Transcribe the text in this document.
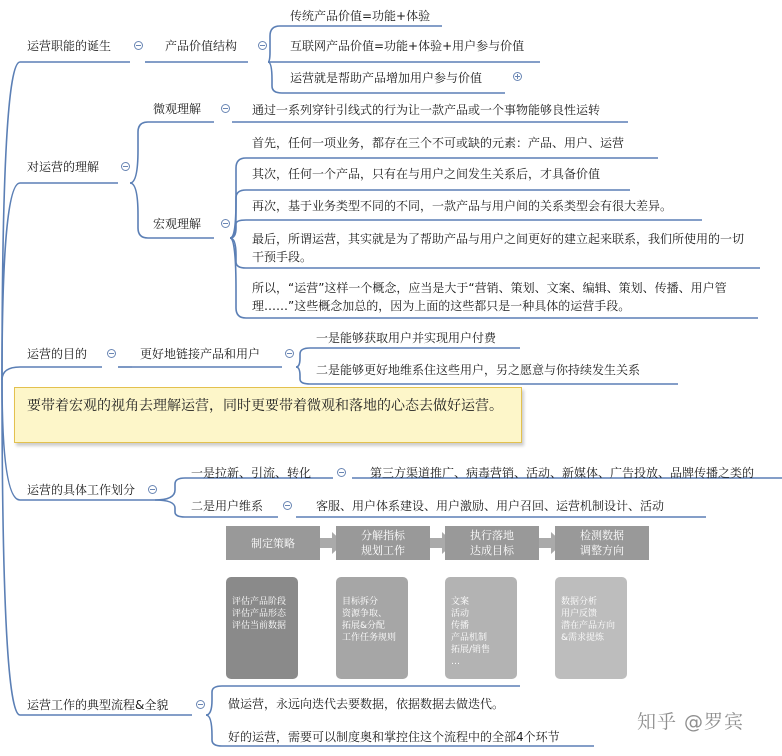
运营职能的诞生	产品价值结构
传统产品价值=功能+体验
互联网产品价值=功能+体验+用户参与价值
运营就是帮助产品增加用户参与价值
对运营的理解
微观理解	通过一系列穿针引线式的行为让一款产品或一个事物能够良性运转
宏观理解
首先，任何一项业务，都存在三个不可或缺的元素：产品、用户、运营
其次，任何一个产品，只有在与用户之间发生关系后，才具备价值
再次，基于业务类型不同的不同，一款产品与用户间的关系类型会有很大差异。
最后，所谓运营，其实就是为了帮助产品与用户之间更好的建立起来联系，我们所使用的一切干预手段。
所以，“运营”这样一个概念，应当是大于“营销、策划、文案、编辑、策划、传播、用户管理……”这些概念加总的，因为上面的这些都只是一种具体的运营手段。
运营的目的	更好地链接产品和用户
一是能够获取用户并实现用户付费
二是能够更好地维系住这些用户，另之愿意与你持续发生关系
要带着宏观的视角去理解运营，同时更要带着微观和落地的心态去做好运营。
运营的具体工作划分
一是拉新、引流、转化	第三方渠道推广、病毒营销、活动、新媒体、广告投放、品牌传播之类的
二是用户维系	客服、用户体系建设、用户激励、用户召回、运营机制设计、活动
制定策略
评估产品阶段
评估产品形态
评估当前数据
分解指标
规划工作
目标拆分
资源争取、
拓展&分配
工作任务规则
执行落地
达成目标
文案
活动
传播
产品机制
拓展/销售
…
检测数据
调整方向
数据分析
用户反馈
潜在产品方向
&需求提炼
运营工作的典型流程&全貌	做运营，永远向迭代去要数据，依据数据去做迭代。
好的运营，需要可以制度奥和掌控住这个流程中的全部4个环节
知乎 @罗宾
